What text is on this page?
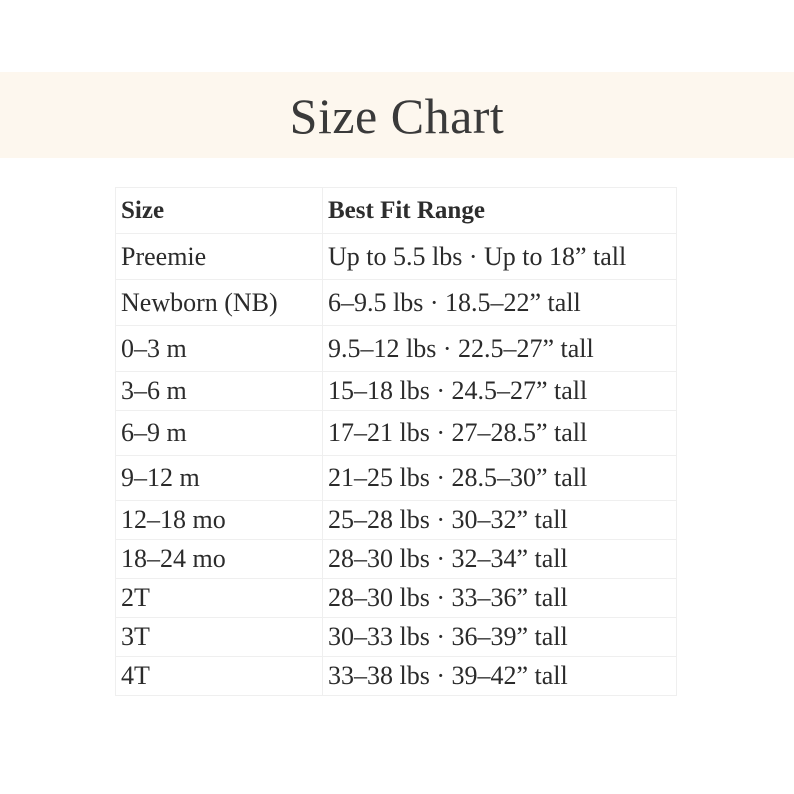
Size Chart
Size	Best Fit Range
Preemie	Up to 5.5 lbs · Up to 18” tall
Newborn (NB)	6–9.5 lbs · 18.5–22” tall
0–3 m	9.5–12 lbs · 22.5–27” tall
3–6 m	15–18 lbs · 24.5–27” tall
6–9 m	17–21 lbs · 27–28.5” tall
9–12 m	21–25 lbs · 28.5–30” tall
12–18 mo	25–28 lbs · 30–32” tall
18–24 mo	28–30 lbs · 32–34” tall
2T	28–30 lbs · 33–36” tall
3T	30–33 lbs · 36–39” tall
4T	33–38 lbs · 39–42” tall
